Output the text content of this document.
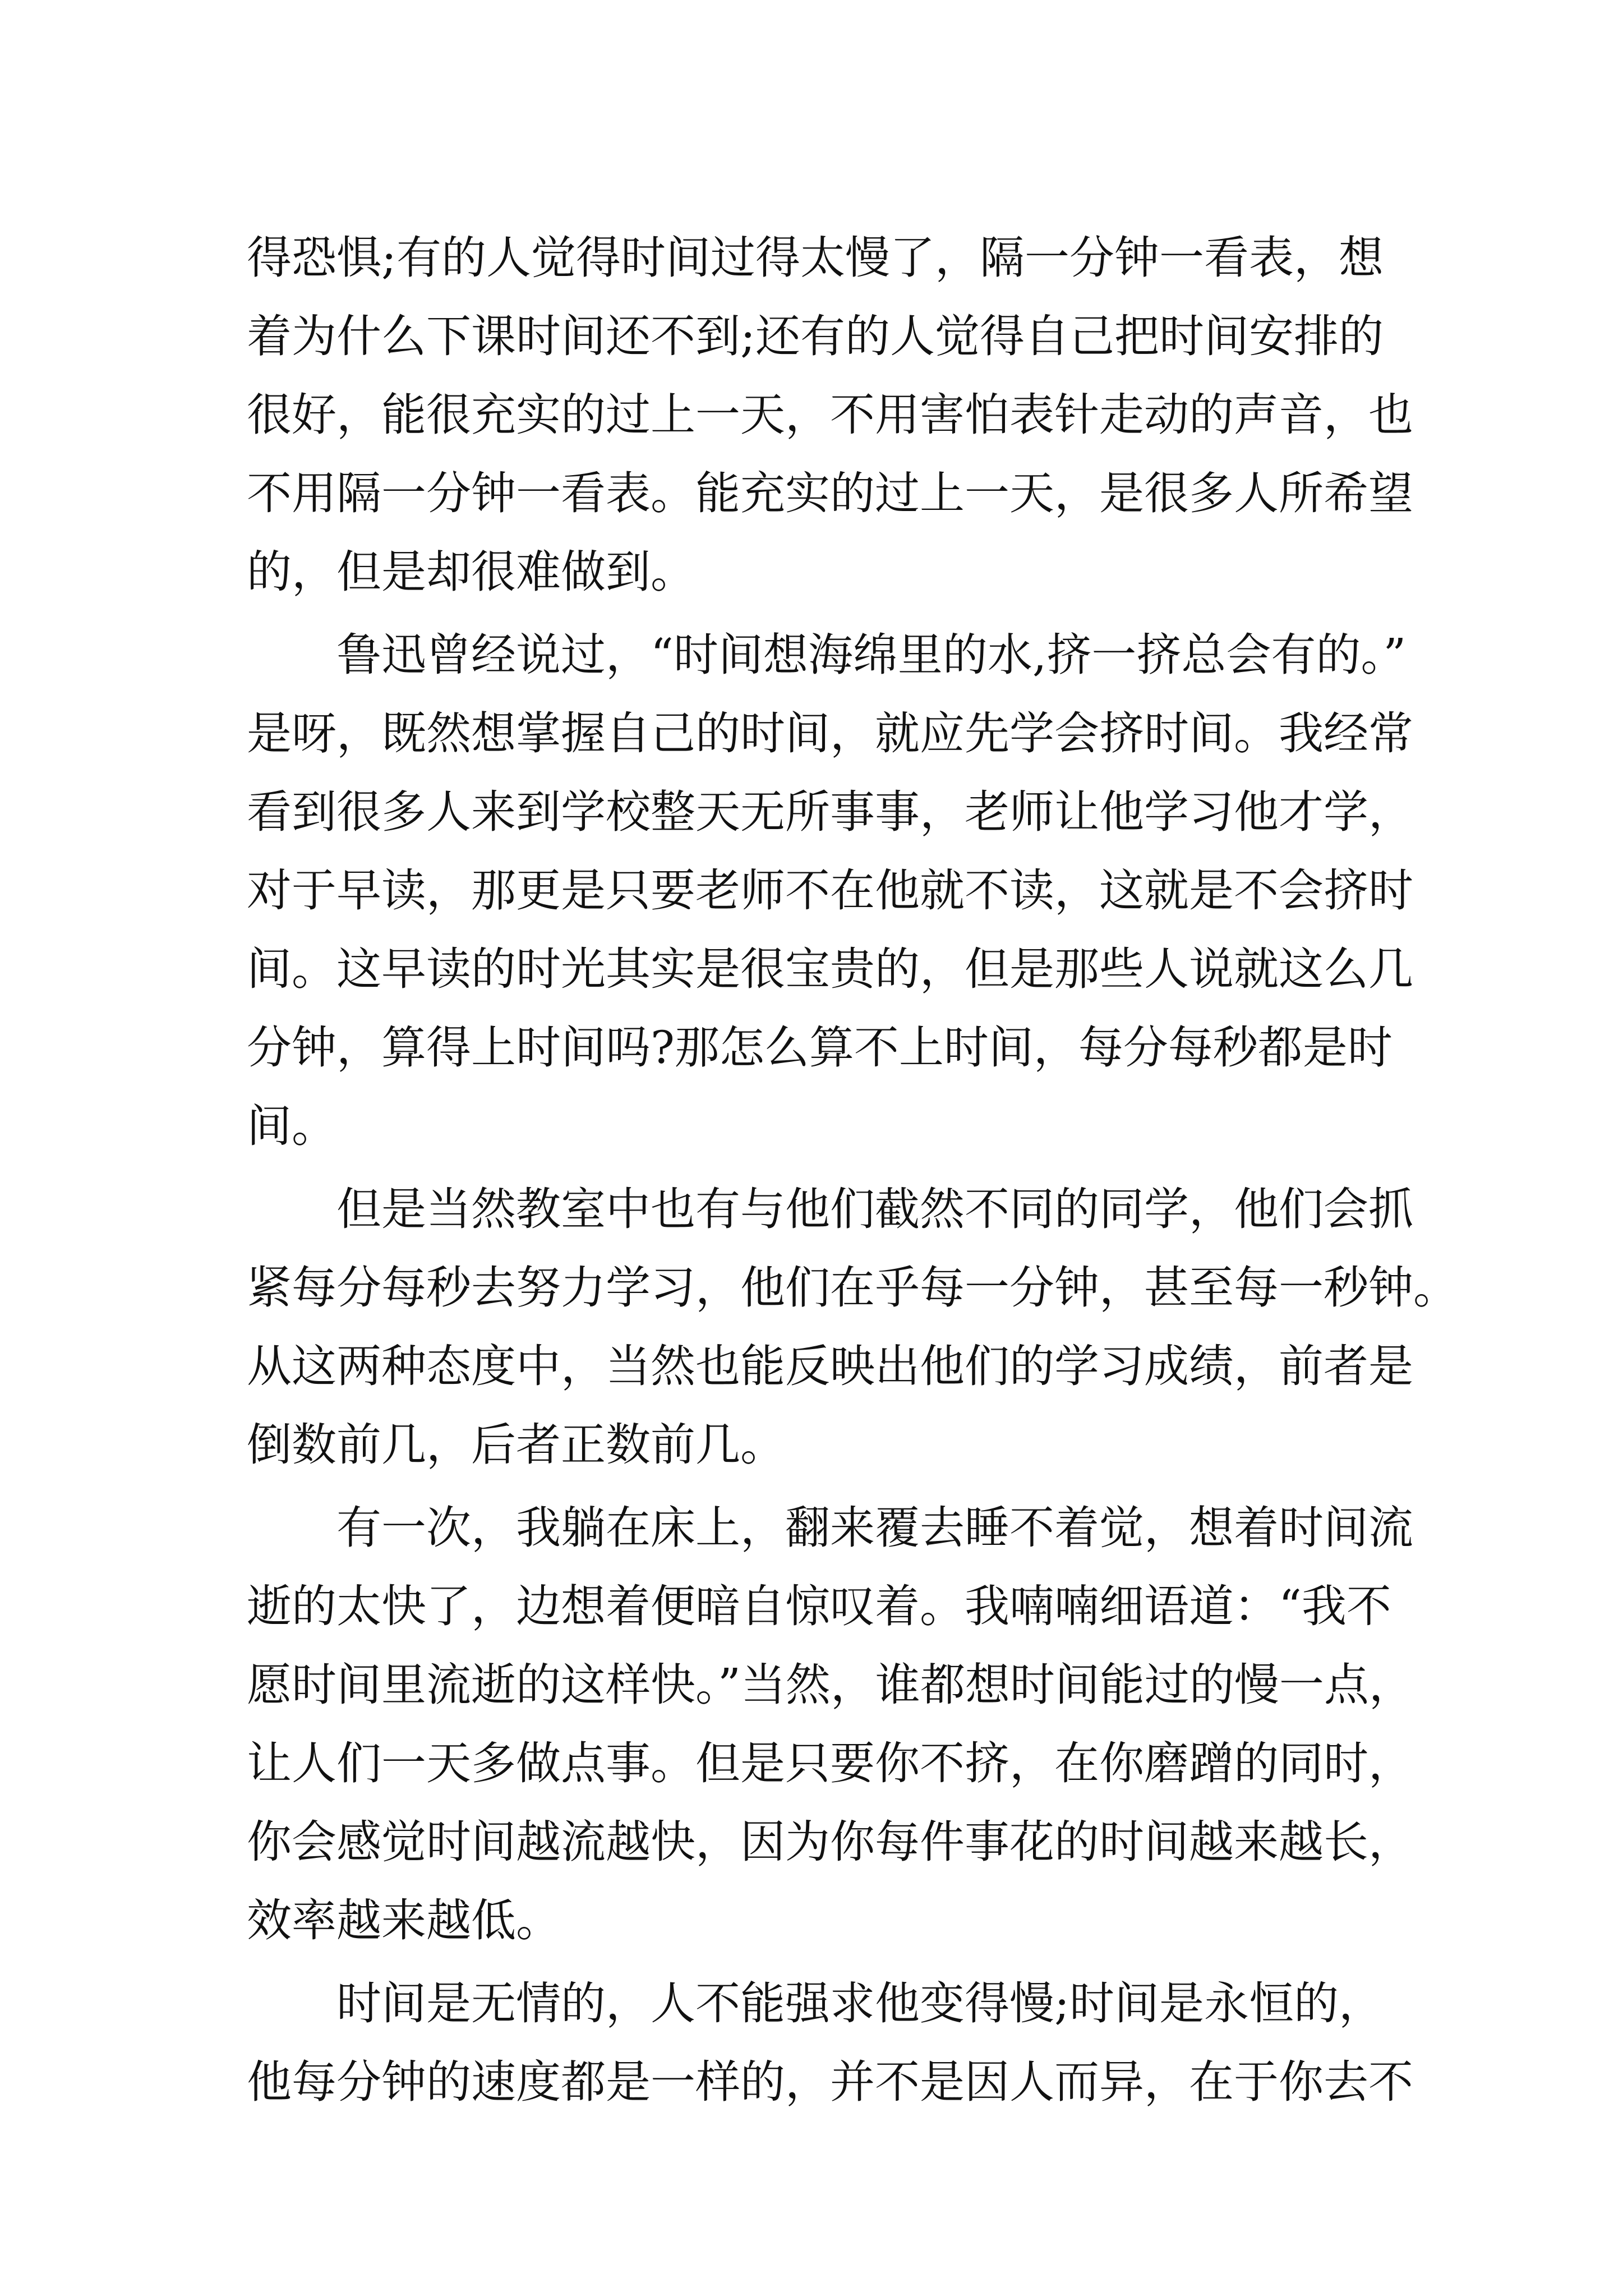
得恐惧;有的人觉得时间过得太慢了，隔一分钟一看表，想
着为什么下课时间还不到;还有的人觉得自己把时间安排的
很好，能很充实的过上一天，不用害怕表针走动的声音，也
不用隔一分钟一看表。能充实的过上一天，是很多人所希望
的，但是却很难做到。
鲁迅曾经说过，“时间想海绵里的水,挤一挤总会有的。”
是呀，既然想掌握自己的时间，就应先学会挤时间。我经常
看到很多人来到学校整天无所事事，老师让他学习他才学，
对于早读，那更是只要老师不在他就不读，这就是不会挤时
间。这早读的时光其实是很宝贵的，但是那些人说就这么几
分钟，算得上时间吗?那怎么算不上时间，每分每秒都是时
间。
但是当然教室中也有与他们截然不同的同学，他们会抓
紧每分每秒去努力学习，他们在乎每一分钟，甚至每一秒钟。
从这两种态度中，当然也能反映出他们的学习成绩，前者是
倒数前几，后者正数前几。
有一次，我躺在床上，翻来覆去睡不着觉，想着时间流
逝的太快了，边想着便暗自惊叹着。我喃喃细语道：“我不
愿时间里流逝的这样快。”当然，谁都想时间能过的慢一点，
让人们一天多做点事。但是只要你不挤，在你磨蹭的同时，
你会感觉时间越流越快，因为你每件事花的时间越来越长，
效率越来越低。
时间是无情的，人不能强求他变得慢;时间是永恒的，
他每分钟的速度都是一样的，并不是因人而异，在于你去不
